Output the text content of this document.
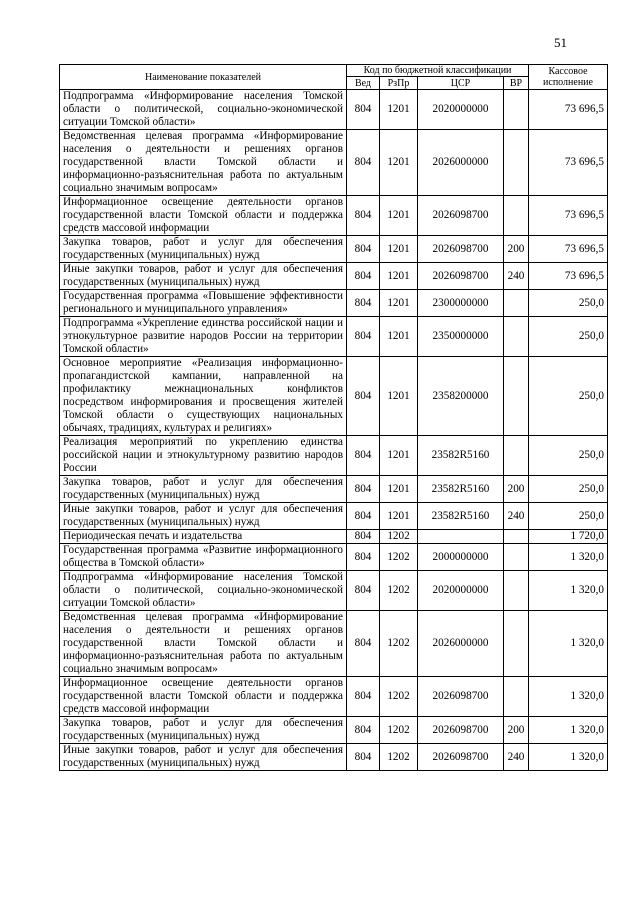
51
Наименование показателей	Код по бюджетной классификации				Кассовое исполнение
	Вед	РзПр	ЦСР	ВР	
Подпрограмма «Информирование населения Томской области о политической, социально-экономической ситуации Томской области»	804	1201	2020000000		73 696,5
Ведомственная целевая программа «Информирование населения о деятельности и решениях органов государственной власти Томской области и информационно-разъяснительная работа по актуальным социально значимым вопросам»	804	1201	2026000000		73 696,5
Информационное освещение деятельности органов государственной власти Томской области и поддержка средств массовой информации	804	1201	2026098700		73 696,5
Закупка товаров, работ и услуг для обеспечения государственных (муниципальных) нужд	804	1201	2026098700	200	73 696,5
Иные закупки товаров, работ и услуг для обеспечения государственных (муниципальных) нужд	804	1201	2026098700	240	73 696,5
Государственная программа «Повышение эффективности регионального и муниципального управления»	804	1201	2300000000		250,0
Подпрограмма «Укрепление единства российской нации и этнокультурное развитие народов России на территории Томской области»	804	1201	2350000000		250,0
Основное мероприятие «Реализация информационно-пропагандистской кампании, направленной на профилактику межнациональных конфликтов посредством информирования и просвещения жителей Томской области о существующих национальных обычаях, традициях, культурах и религиях»	804	1201	2358200000		250,0
Реализация мероприятий по укреплению единства российской нации и этнокультурному развитию народов России	804	1201	23582R5160		250,0
Закупка товаров, работ и услуг для обеспечения государственных (муниципальных) нужд	804	1201	23582R5160	200	250,0
Иные закупки товаров, работ и услуг для обеспечения государственных (муниципальных) нужд	804	1201	23582R5160	240	250,0
Периодическая печать и издательства	804	1202			1 720,0
Государственная программа «Развитие информационного общества в Томской области»	804	1202	2000000000		1 320,0
Подпрограмма «Информирование населения Томской области о политической, социально-экономической ситуации Томской области»	804	1202	2020000000		1 320,0
Ведомственная целевая программа «Информирование населения о деятельности и решениях органов государственной власти Томской области и информационно-разъяснительная работа по актуальным социально значимым вопросам»	804	1202	2026000000		1 320,0
Информационное освещение деятельности органов государственной власти Томской области и поддержка средств массовой информации	804	1202	2026098700		1 320,0
Закупка товаров, работ и услуг для обеспечения государственных (муниципальных) нужд	804	1202	2026098700	200	1 320,0
Иные закупки товаров, работ и услуг для обеспечения государственных (муниципальных) нужд	804	1202	2026098700	240	1 320,0
